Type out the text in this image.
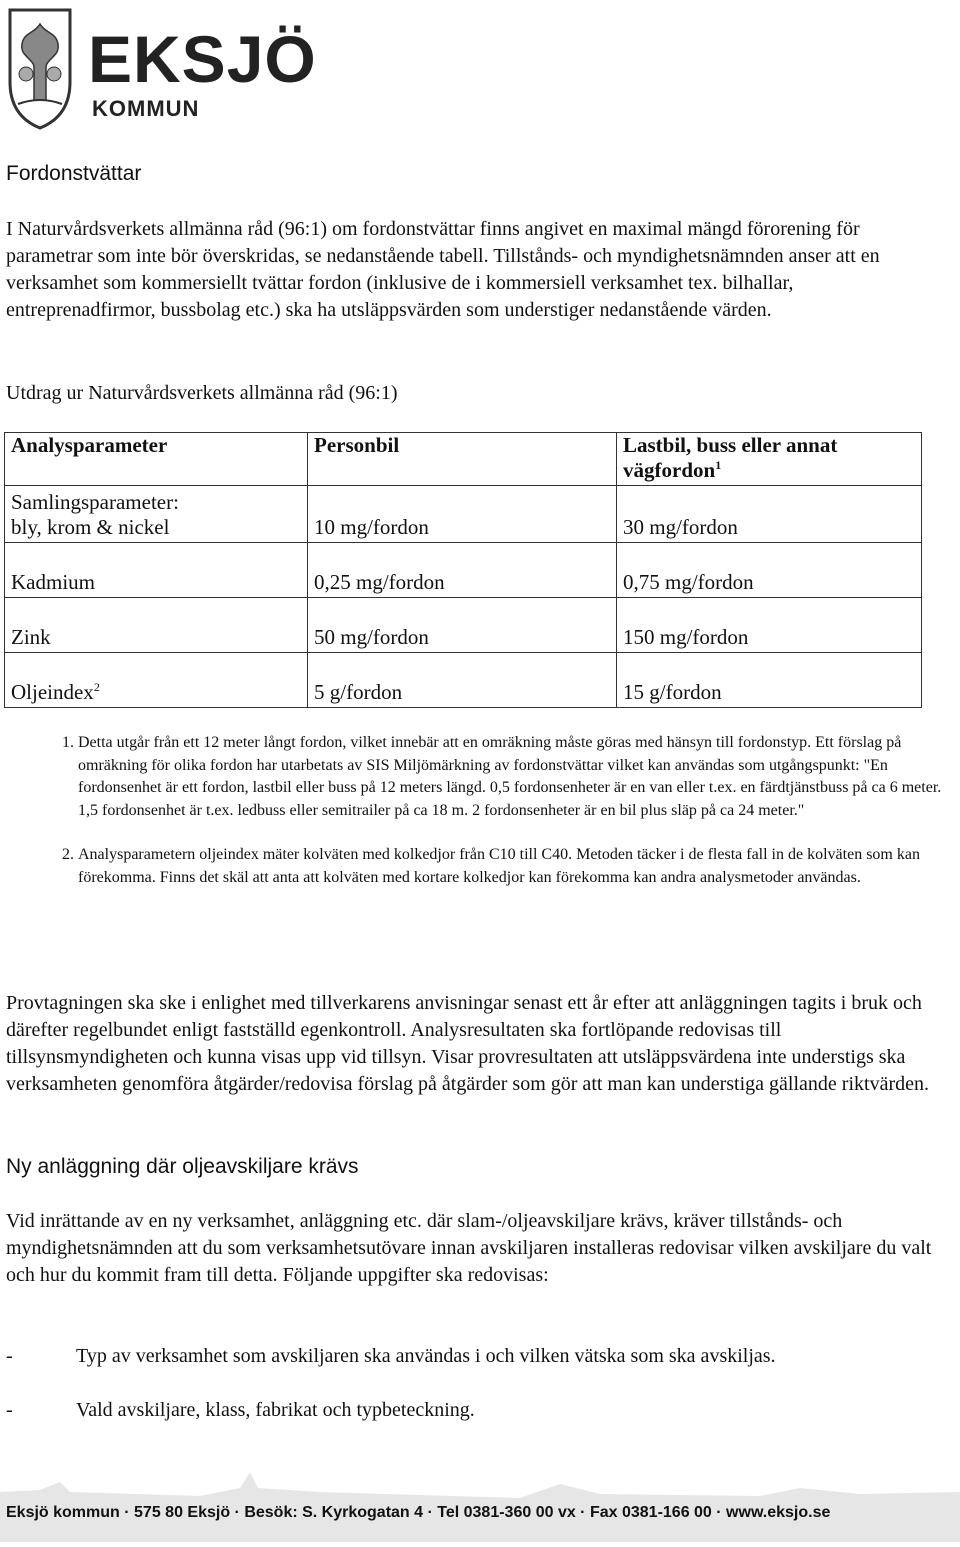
EKSJÖ
KOMMUN
Fordonstvättar

I Naturvårdsverkets allmänna råd (96:1) om fordonstvättar finns angivet en maximal mängd förorening för parametrar som inte bör överskridas, se nedanstående tabell. Tillstånds- och myndighetsnämnden anser att en verksamhet som kommersiellt tvättar fordon (inklusive de i kommersiell verksamhet tex. bilhallar, entreprenadfirmor, bussbolag etc.) ska ha utsläppsvärden som understiger nedanstående värden.

Utdrag ur Naturvårdsverkets allmänna råd (96:1)

Analysparameter	Personbil	Lastbil, buss eller annat vägfordon$^1$
Samlingsparameter:
bly, krom & nickel	10 mg/fordon	30 mg/fordon
Kadmium	0,25 mg/fordon	0,75 mg/fordon
Zink	50 mg/fordon	150 mg/fordon
Oljeindex$^2$	5 g/fordon	15 g/fordon
1. Detta utgår från ett 12 meter långt fordon, vilket innebär att en omräkning måste göras med hänsyn till fordonstyp. Ett förslag på omräkning för olika fordon har utarbetats av SIS Miljömärkning av fordonstvättar vilket kan användas som utgångspunkt: "En fordonsenhet är ett fordon, lastbil eller buss på 12 meters längd. 0,5 fordonsenheter är en van eller t.ex. en färdtjänstbuss på ca 6 meter. 1,5 fordonsenhet är t.ex. ledbuss eller semitrailer på ca 18 m. 2 fordonsenheter är en bil plus släp på ca 24 meter."
2. Analysparametern oljeindex mäter kolväten med kolkedjor från C10 till C40. Metoden täcker i de flesta fall in de kolväten som kan förekomma. Finns det skäl att anta att kolväten med kortare kolkedjor kan förekomma kan andra analysmetoder användas.

Provtagningen ska ske i enlighet med tillverkarens anvisningar senast ett år efter att anläggningen tagits i bruk och därefter regelbundet enligt fastställd egenkontroll. Analysresultaten ska fortlöpande redovisas till tillsynsmyndigheten och kunna visas upp vid tillsyn. Visar provresultaten att utsläppsvärdena inte understigs ska verksamheten genomföra åtgärder/redovisa förslag på åtgärder som gör att man kan understiga gällande riktvärden.

Ny anläggning där oljeavskiljare krävs

Vid inrättande av en ny verksamhet, anläggning etc. där slam-/oljeavskiljare krävs, kräver tillstånds- och myndighetsnämnden att du som verksamhetsutövare innan avskiljaren installeras redovisar vilken avskiljare du valt och hur du kommit fram till detta. Följande uppgifter ska redovisas:

-	Typ av verksamhet som avskiljaren ska användas i och vilken vätska som ska avskiljas.
-	Vald avskiljare, klass, fabrikat och typbeteckning.
Eksjö kommun · 575 80 Eksjö · Besök: S. Kyrkogatan 4 · Tel 0381-360 00 vx · Fax 0381-166 00 · www.eksjo.se
